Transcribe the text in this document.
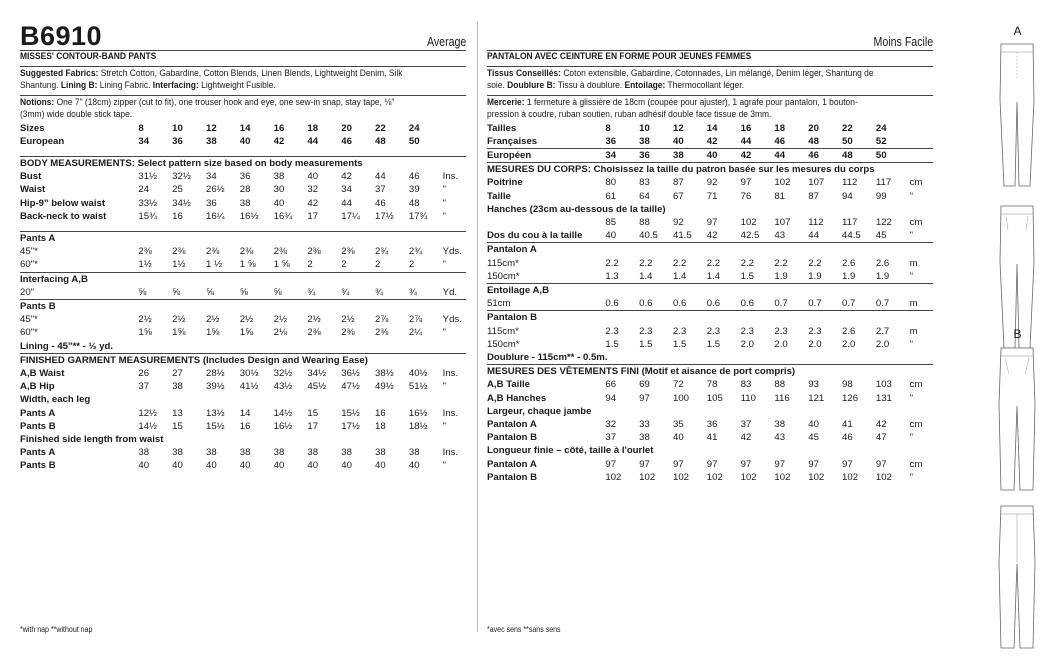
B6910	Average
MISSES' CONTOUR-BAND PANTS
Suggested Fabrics: Stretch Cotton, Gabardine, Cotton Blends, Linen Blends, Lightweight Denim, Silk
Shantung. Lining B: Lining Fabric. Interfacing: Lightweight Fusible.
Notions: One 7" (18cm) zipper (cut to fit), one trouser hook and eye, one sew-in snap, stay tape, ⅛"
(3mm) wide double stick tape.
Sizes	8	10	12	14	16	18	20	22	24	
European	34	36	38	40	42	44	46	48	50	

BODY MEASUREMENTS: Select pattern size based on body measurements										
Bust	31½	32½	34	36	38	40	42	44	46	Ins.
Waist	24	25	26½	28	30	32	34	37	39	"
Hip-9" below waist	33½	34½	36	38	40	42	44	46	48	"
Back-neck to waist	15¾	16	16¼	16½	16¾	17	17¼	17½	17¾	"

Pants A										
45"*	2⅜	2⅜	2⅜	2⅜	2⅜	2⅜	2⅜	2¾	2¾	Yds.
60"*	1½	1½	1 ½	1 ⅝	1 ⅝	2	2	2	2	"
Interfacing A,B										
20"	⅝	⅝	⅝	⅝	⅝	¾	¾	¾	¾	Yd.
Pants B										
45"*	2½	2½	2½	2½	2½	2½	2½	2⅞	2⅞	Yds.
60"*	1⅝	1⅝	1⅝	1⅝	2⅛	2⅜	2⅜	2⅜	2¼	"
Lining - 45"** - ½ yd.										
FINISHED GARMENT MEASUREMENTS (Includes Design and Wearing Ease)										
A,B Waist	26	27	28½	30½	32½	34½	36½	38½	40½	Ins.
A,B Hip	37	38	39½	41½	43½	45½	47½	49½	51½	"
Width, each leg										
Pants A	12½	13	13½	14	14½	15	15½	16	16½	Ins.
Pants B	14½	15	15½	16	16½	17	17½	18	18½	"
Finished side length from waist										
Pants A	38	38	38	38	38	38	38	38	38	Ins.
Pants B	40	40	40	40	40	40	40	40	40	"
Moins Facile
PANTALON AVEC CEINTURE EN FORME POUR JEUNES FEMMES
Tissus Conseillés: Coton extensible, Gabardine, Cotonnades, Lin mélangé, Denim léger, Shantung de
soie. Doublure B: Tissu à doublure. Entoilage: Thermocollant léger.
Mercerie: 1 fermeture à glissière de 18cm (coupée pour ajuster), 1 agrafe pour pantalon, 1 bouton-
pression à coudre, ruban soutien, ruban adhésif double face tissue de 3mm.
Tailles	8	10	12	14	16	18	20	22	24	
Françaises	36	38	40	42	44	46	48	50	52	
Européen	34	36	38	40	42	44	46	48	50	
MESURES DU CORPS: Choisissez la taille du patron basée sur les mesures du corps										
Poitrine	80	83	87	92	97	102	107	112	117	cm
Taille	61	64	67	71	76	81	87	94	99	"
Hanches (23cm au-dessous de la taille)										
	85	88	92	97	102	107	112	117	122	cm
Dos du cou à la taille	40	40.5	41.5	42	42.5	43	44	44.5	45	"
Pantalon A										
115cm*	2.2	2.2	2.2	2.2	2.2	2.2	2.2	2.6	2.6	m
150cm*	1.3	1.4	1.4	1.4	1.5	1.9	1.9	1.9	1.9	"
Entoilage A,B										
51cm	0.6	0.6	0.6	0.6	0.6	0.7	0.7	0.7	0.7	m
Pantalon B										
115cm*	2.3	2.3	2.3	2.3	2.3	2.3	2.3	2.6	2.7	m
150cm*	1.5	1.5	1.5	1.5	2.0	2.0	2.0	2.0	2.0	"
Doublure - 115cm** - 0.5m.										
MESURES DES VÊTEMENTS FINI (Motif et aisance de port compris)										
A,B Taille	66	69	72	78	83	88	93	98	103	cm
A,B Hanches	94	97	100	105	110	116	121	126	131	"
Largeur, chaque jambe										
Pantalon A	32	33	35	36	37	38	40	41	42	cm
Pantalon B	37	38	40	41	42	43	45	46	47	"
Longueur finie – côté, taille à l'ourlet										
Pantalon A	97	97	97	97	97	97	97	97	97	cm
Pantalon B	102	102	102	102	102	102	102	102	102	"
*with nap **without nap	*avec sens **sans sens
A
B
